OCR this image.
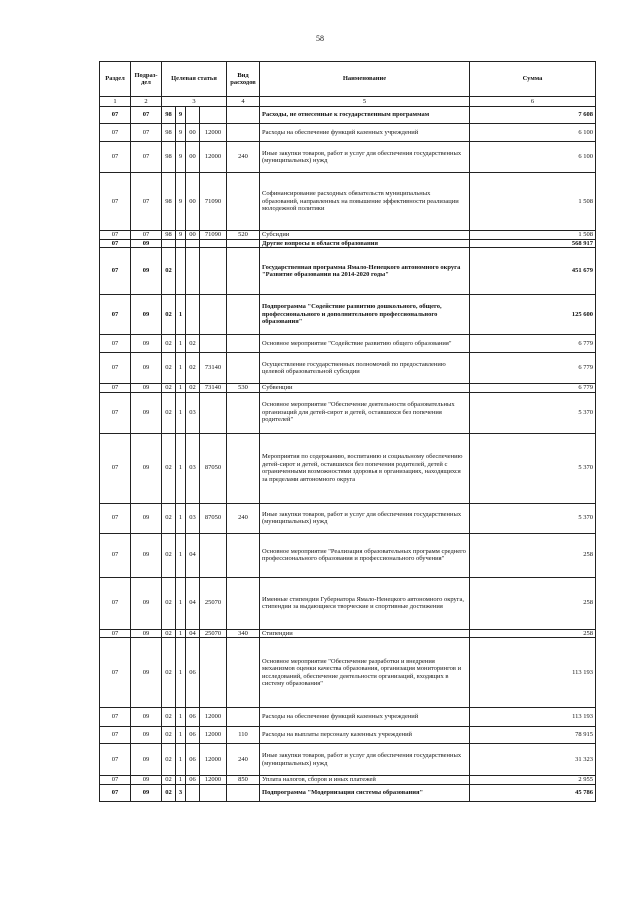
58
Раздел	Подраз-дел	Целевая статья				Вид расходов	Наименование	Сумма
1	2	3				4	5	6
07	07	98	9				Расходы, не отнесенные к государственным программам	7 608
07	07	98	9	00	12000		Расходы на обеспечение функций казенных учреждений	6 100
07	07	98	9	00	12000	240	Иные закупки товаров, работ и услуг для обеспечения государственных (муниципальных) нужд	6 100
07	07	98	9	00	71090		Софинансирование расходных обязательств муниципальных образований, направленных на повышение эффективности реализации молодежной политики	1 508
07	07	98	9	00	71090	520	Субсидии	1 508
07	09						Другие вопросы в области образования	568 917
07	09	02					Государственная программа Ямало-Ненецкого автономного округа "Развитие образования на 2014-2020 годы"	451 679
07	09	02	1				Подпрограмма "Содействие развитию дошкольного, общего, профессионального и дополнительного профессионального образования"	125 600
07	09	02	1	02			Основное мероприятие "Содействие развитию общего образования"	6 779
07	09	02	1	02	73140		Осуществление государственных полномочий по предоставлению целевой образовательной субсидии	6 779
07	09	02	1	02	73140	530	Субвенции	6 779
07	09	02	1	03			Основное мероприятие "Обеспечение деятельности образовательных организаций для детей-сирот и детей, оставшихся без попечения родителей"	5 370
07	09	02	1	03	87050		Мероприятия по содержанию, воспитанию и социальному обеспечению детей-сирот и детей, оставшихся без попечения родителей, детей с ограниченными возможностями здоровья в организациях, находящихся за пределами автономного округа	5 370
07	09	02	1	03	87050	240	Иные закупки товаров, работ и услуг для обеспечения государственных (муниципальных) нужд	5 370
07	09	02	1	04			Основное мероприятие "Реализация образовательных программ среднего профессионального образования и профессионального обучения"	258
07	09	02	1	04	25070		Именные стипендии Губернатора Ямало-Ненецкого автономного округа, стипендии за выдающиеся творческие и спортивные достижения	258
07	09	02	1	04	25070	340	Стипендии	258
07	09	02	1	06			Основное мероприятие "Обеспечение разработки и внедрения механизмов оценки качества образования, организация мониторингов и исследований, обеспечение деятельности организаций, входящих в систему образования"	113 193
07	09	02	1	06	12000		Расходы на обеспечение функций казенных учреждений	113 193
07	09	02	1	06	12000	110	Расходы на выплаты персоналу казенных учреждений	78 915
07	09	02	1	06	12000	240	Иные закупки товаров, работ и услуг для обеспечения государственных (муниципальных) нужд	31 323
07	09	02	1	06	12000	850	Уплата налогов, сборов и иных платежей	2 955
07	09	02	3				Подпрограмма "Модернизация системы образования"	45 786
